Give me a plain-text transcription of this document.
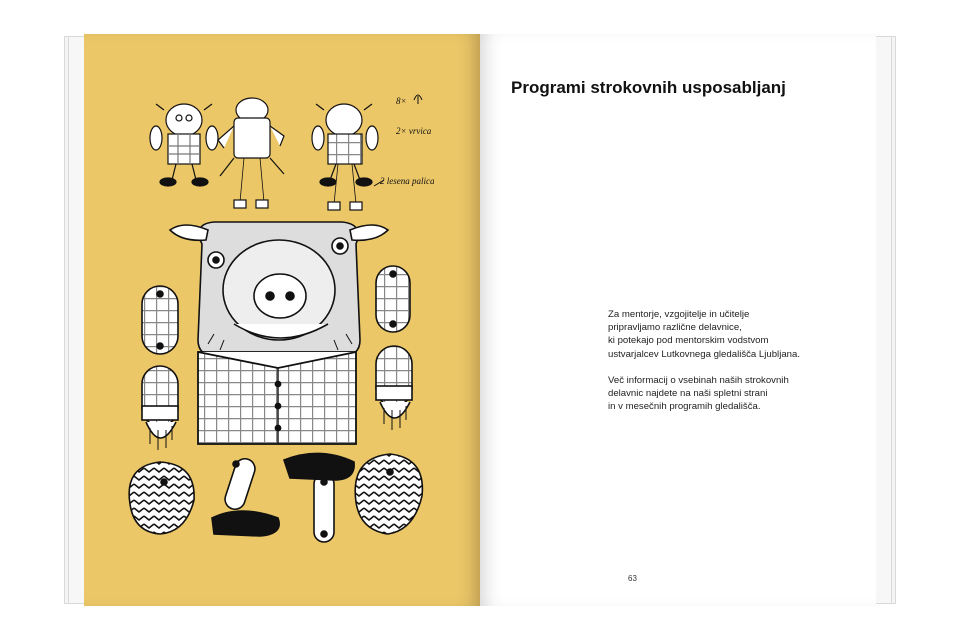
8×
2× vrvica
2 lesena palica
Programi strokovnih usposabljanj

Za mentorje, vzgojitelje in učitelje
pripravljamo različne delavnice,
ki potekajo pod mentorskim vodstvom
ustvarjalcev Lutkovnega gledališča Ljubljana.

Več informacij o vsebinah naših strokovnih
delavnic najdete na naši spletni strani
in v mesečnih programih gledališča.

63
